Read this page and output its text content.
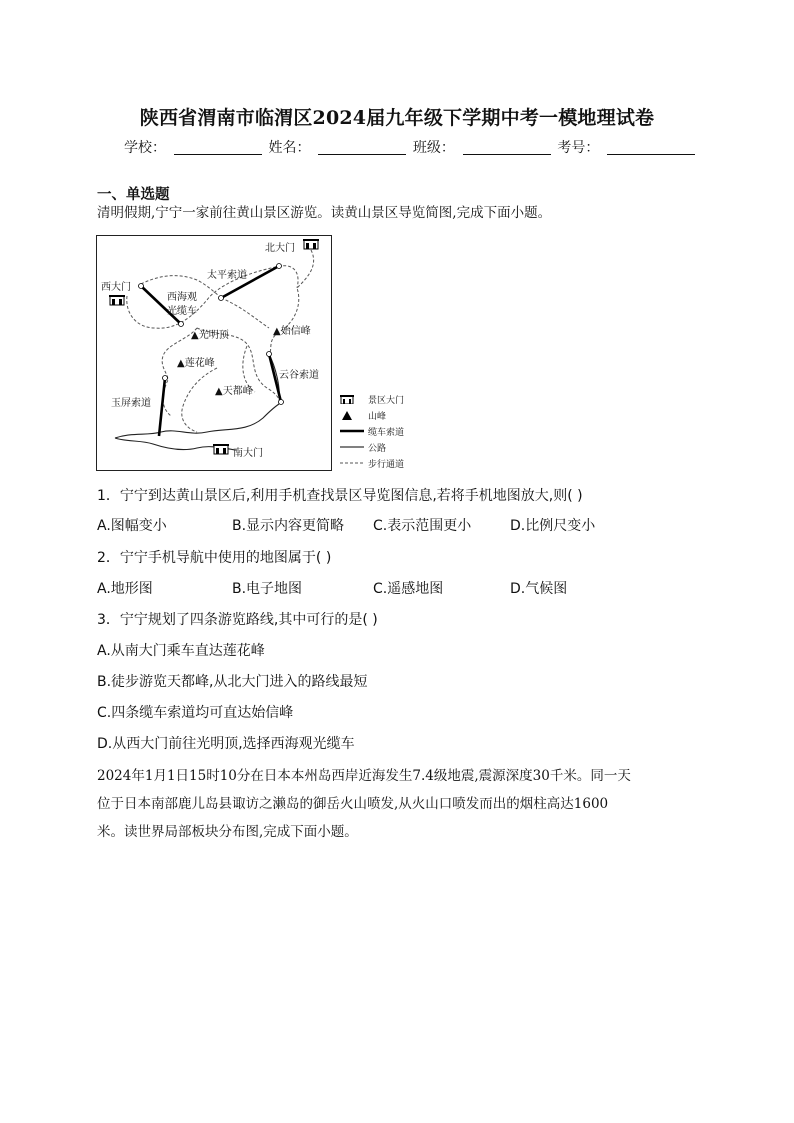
陕西省渭南市临渭区2024届九年级下学期中考一模地理试卷
学校：	姓名：	班级：	考号：
一、单选题
清明假期,宁宁一家前往黄山景区游览。读黄山景区导览简图,完成下面小题。
北大门
太平索道
西大门
西海观
光缆车
▲光明顶	▲始信峰
▲莲花峰
云谷索道
▲天都峰
玉屏索道
南大门
景区大门
山峰
缆车索道
公路
步行通道
1．宁宁到达黄山景区后,利用手机查找景区导览图信息,若将手机地图放大,则( )
A.图幅变小	B.显示内容更简略 C.表示范围更小	D.比例尺变小
2．宁宁手机导航中使用的地图属于( )
A.地形图	B.电子地图	C.遥感地图	D.气候图
3．宁宁规划了四条游览路线,其中可行的是( )
A.从南大门乘车直达莲花峰
B.徒步游览天都峰,从北大门进入的路线最短
C.四条缆车索道均可直达始信峰
D.从西大门前往光明顶,选择西海观光缆车
2024年1月1日15时10分在日本本州岛西岸近海发生7.4级地震,震源深度30千米。同一天
位于日本南部鹿儿岛县诹访之濑岛的御岳火山喷发,从火山口喷发而出的烟柱高达1600
米。读世界局部板块分布图,完成下面小题。
